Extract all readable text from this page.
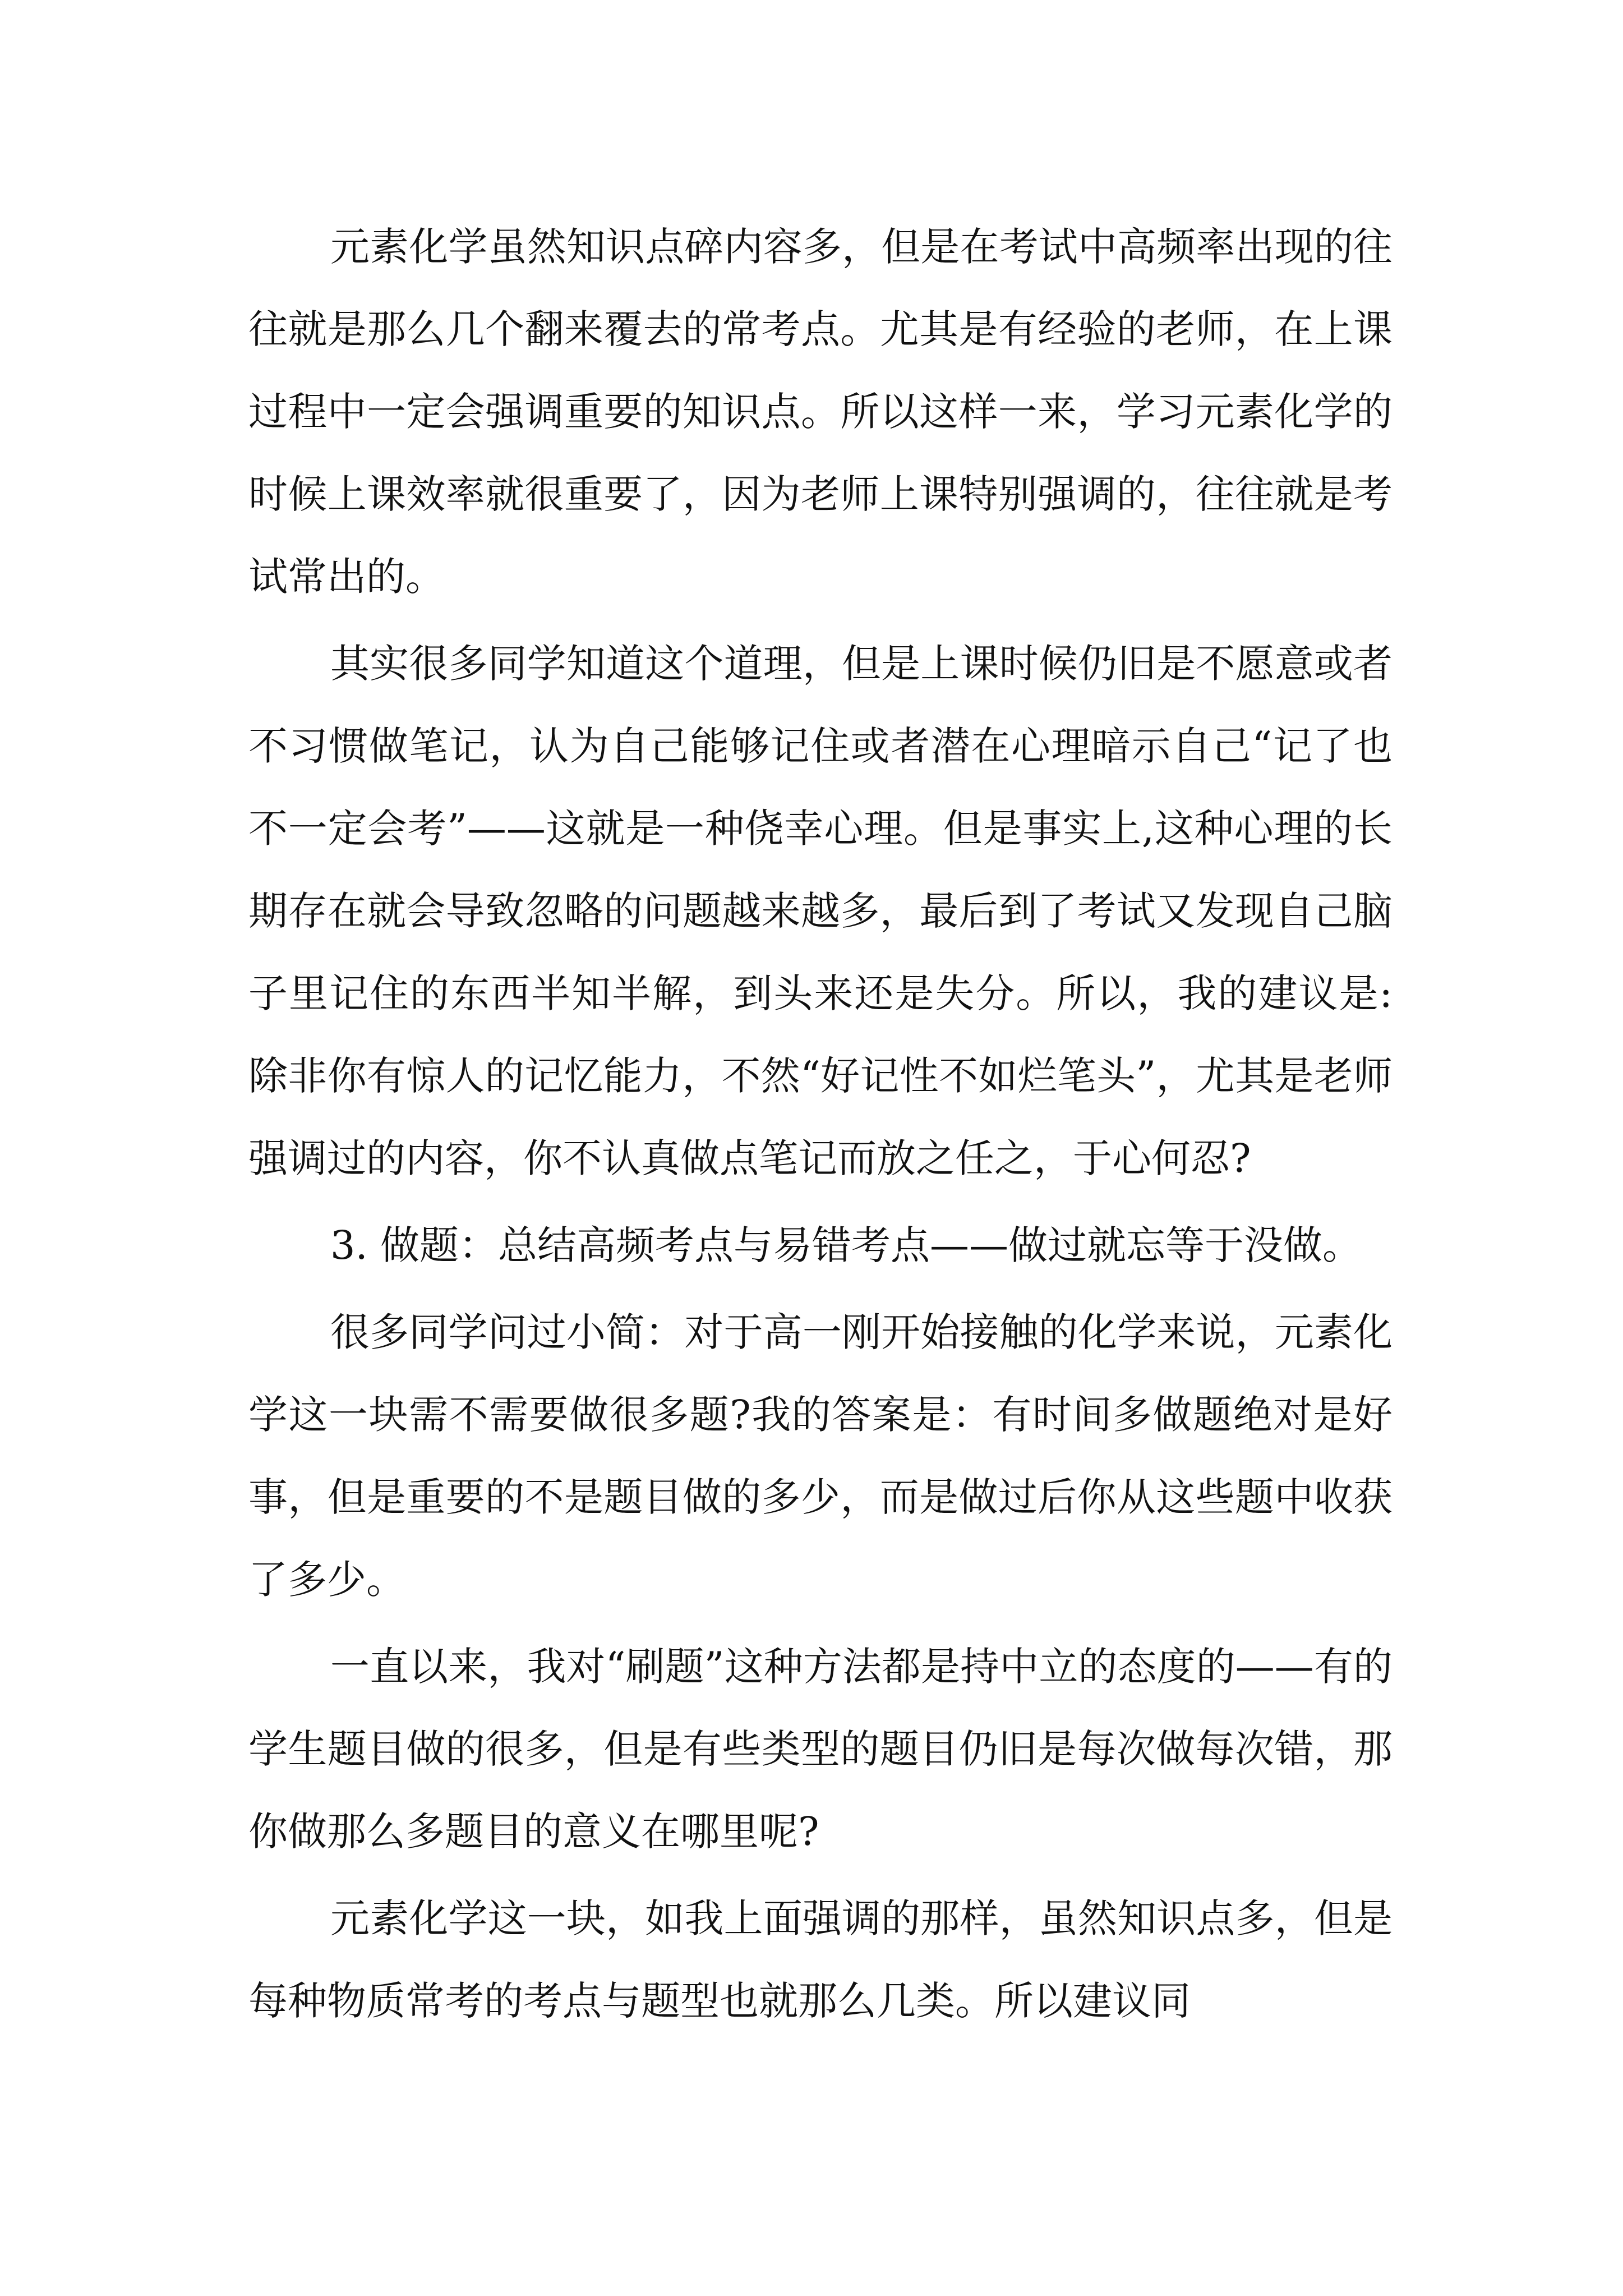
元素化学虽然知识点碎内容多，但是在考试中高频率出现的往往就是那么几个翻来覆去的常考点。尤其是有经验的老师，在上课过程中一定会强调重要的知识点。所以这样一来，学习元素化学的时候上课效率就很重要了，因为老师上课特别强调的，往往就是考试常出的。

其实很多同学知道这个道理，但是上课时候仍旧是不愿意或者不习惯做笔记，认为自己能够记住或者潜在心理暗示自己“记了也不一定会考”——这就是一种侥幸心理。但是事实上,这种心理的长期存在就会导致忽略的问题越来越多，最后到了考试又发现自己脑子里记住的东西半知半解，到头来还是失分。所以，我的建议是: 除非你有惊人的记忆能力，不然“好记性不如烂笔头”，尤其是老师强调过的内容，你不认真做点笔记而放之任之，于心何忍?

3. 做题：总结高频考点与易错考点——做过就忘等于没做。

很多同学问过小简：对于高一刚开始接触的化学来说，元素化学这一块需不需要做很多题?我的答案是：有时间多做题绝对是好事，但是重要的不是题目做的多少，而是做过后你从这些题中收获了多少。

一直以来，我对“刷题”这种方法都是持中立的态度的——有的学生题目做的很多，但是有些类型的题目仍旧是每次做每次错，那你做那么多题目的意义在哪里呢?

元素化学这一块，如我上面强调的那样，虽然知识点多，但是每种物质常考的考点与题型也就那么几类。所以建议同
